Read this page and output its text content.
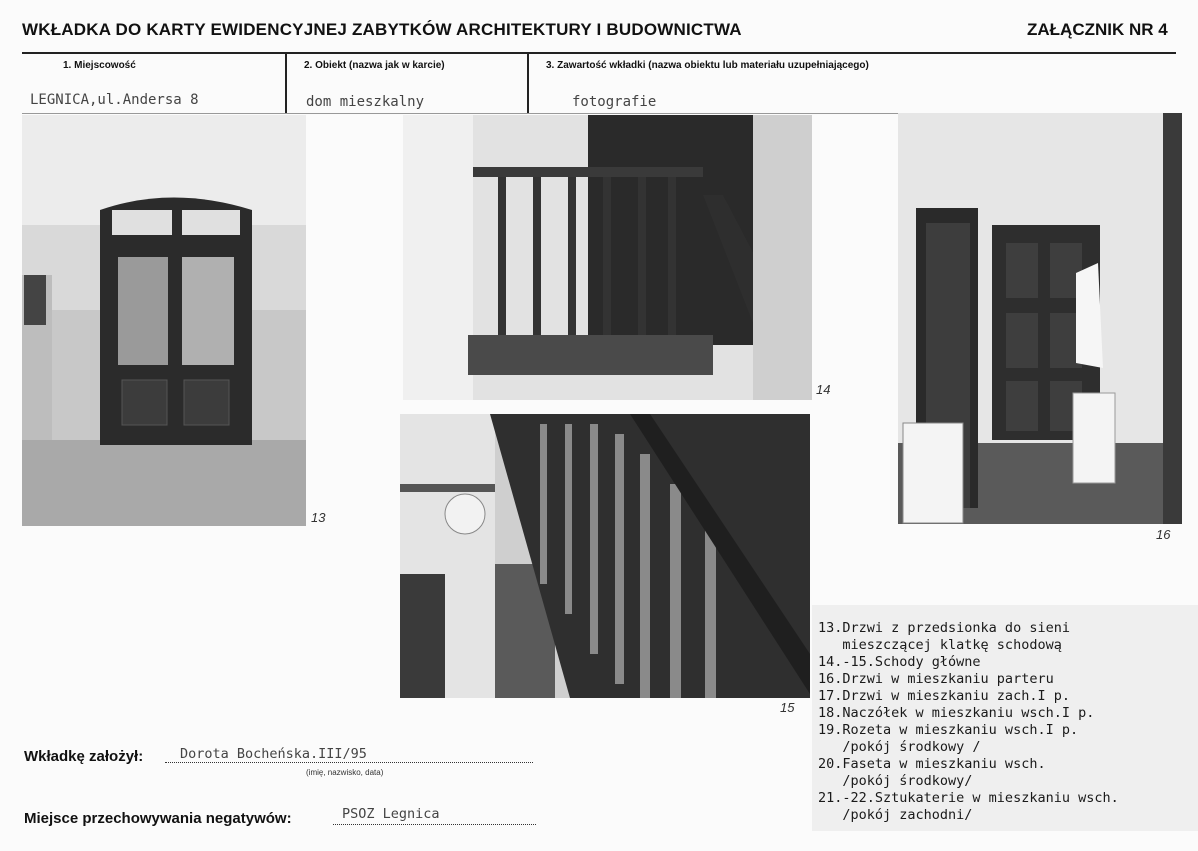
WKŁADKA DO KARTY EWIDENCYJNEJ ZABYTKÓW ARCHITEKTURY I BUDOWNICTWA	ZAŁĄCZNIK NR 4
1. Miejscowość	2. Obiekt (nazwa jak w karcie)	3. Zawartość wkładki (nazwa obiektu lub materiału uzupełniającego)
LEGNICA,ul.Andersa 8	dom mieszkalny	fotografie
13
14
15
16
13.Drzwi z przedsionka do sieni
mieszczącej klatkę schodową
14.-15.Schody główne
16.Drzwi w mieszkaniu parteru
17.Drzwi w mieszkaniu zach.I p.
18.Naczółek w mieszkaniu wsch.I p.
19.Rozeta w mieszkaniu wsch.I p.
/pokój środkowy /
20.Faseta w mieszkaniu wsch.
/pokój środkowy/
21.-22.Sztukaterie w mieszkaniu wsch.
/pokój zachodni/
Wkładkę założył:	Dorota Bocheńska.III/95
(imię, nazwisko, data)
Miejsce przechowywania negatywów:	PSOZ Legnica
